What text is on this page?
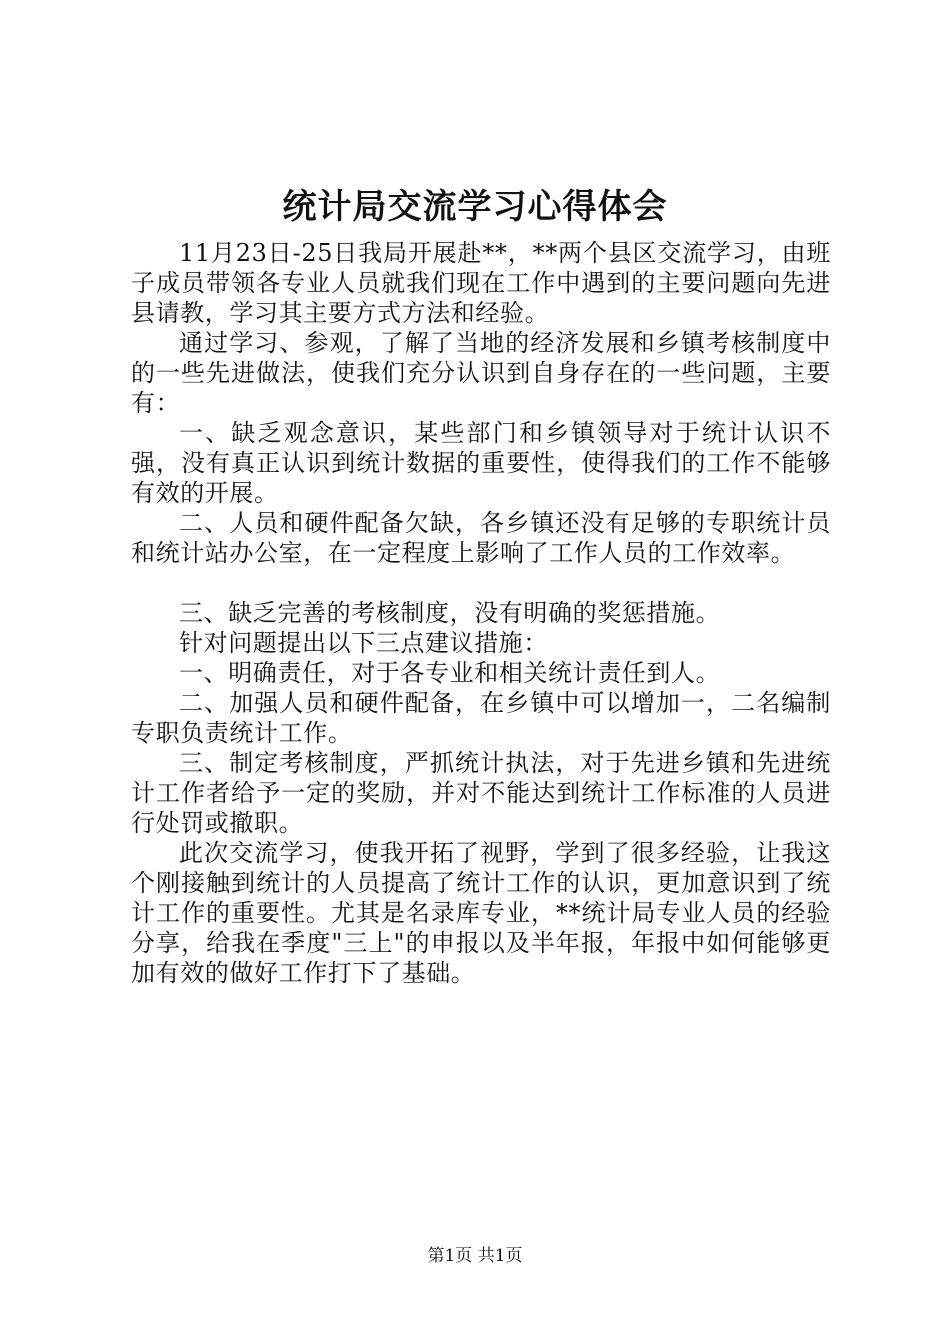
统计局交流学习心得体会

11月23日-25日我局开展赴**，**两个县区交流学习，由班子成员带领各专业人员就我们现在工作中遇到的主要问题向先进县请教，学习其主要方式方法和经验。

通过学习、参观，了解了当地的经济发展和乡镇考核制度中的一些先进做法，使我们充分认识到自身存在的一些问题，主要有：

一、缺乏观念意识，某些部门和乡镇领导对于统计认识不强，没有真正认识到统计数据的重要性，使得我们的工作不能够有效的开展。

二、人员和硬件配备欠缺，各乡镇还没有足够的专职统计员和统计站办公室，在一定程度上影响了工作人员的工作效率。

三、缺乏完善的考核制度，没有明确的奖惩措施。

针对问题提出以下三点建议措施：

一、明确责任，对于各专业和相关统计责任到人。

二、加强人员和硬件配备，在乡镇中可以增加一，二名编制专职负责统计工作。

三、制定考核制度，严抓统计执法，对于先进乡镇和先进统计工作者给予一定的奖励，并对不能达到统计工作标准的人员进行处罚或撤职。

此次交流学习，使我开拓了视野，学到了很多经验，让我这个刚接触到统计的人员提高了统计工作的认识，更加意识到了统计工作的重要性。尤其是名录库专业，**统计局专业人员的经验分享，给我在季度"三上"的申报以及半年报，年报中如何能够更加有效的做好工作打下了基础。

第1页 共1页
